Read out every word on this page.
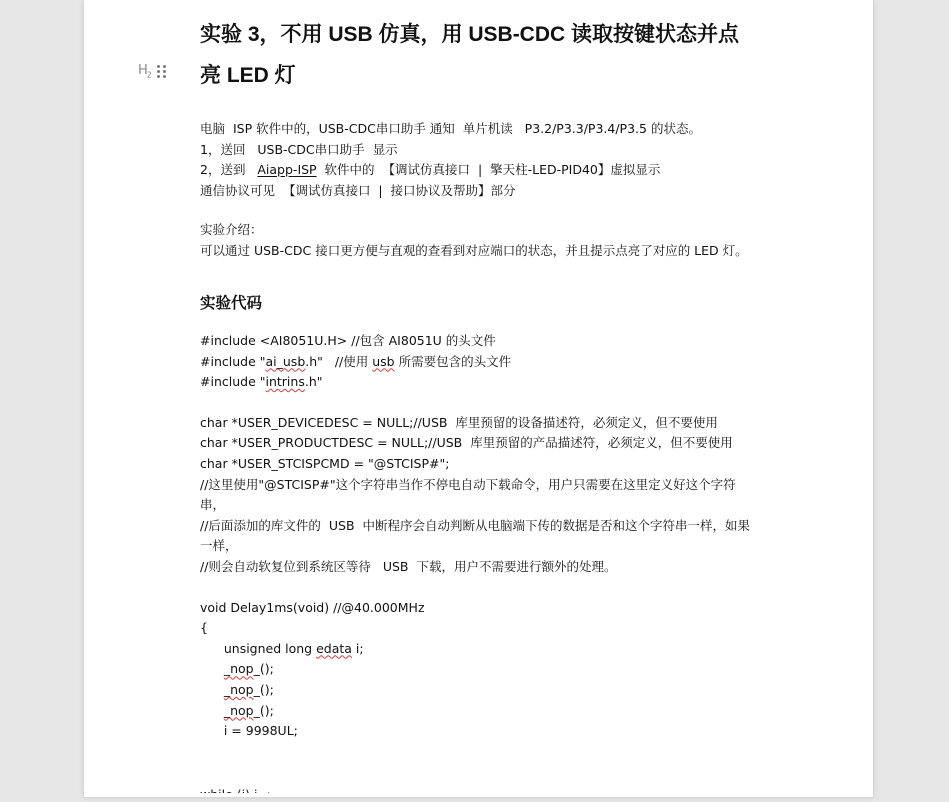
$H_2$
实验 3，不用 USB 仿真，用 USB-CDC 读取按键状态并点
亮 LED 灯

电脑  ISP 软件中的，USB-CDC串口助手 通知  单片机读   P3.2/P3.3/P3.4/P3.5 的状态。

1，送回   USB-CDC串口助手  显示

2，送到   Aiapp-ISP  软件中的  【调试仿真接口  |  擎天柱-LED-PID40】虚拟显示

通信协议可见  【调试仿真接口  |  接口协议及帮助】部分

实验介绍：

可以通过 USB-CDC 接口更方便与直观的查看到对应端口的状态，并且提示点亮了对应的 LED 灯。

实验代码

#include <AI8051U.H> //包含 AI8051U 的头文件

#include "ai_usb.h"   //使用 usb 所需要包含的头文件

#include "intrins.h"

char *USER_DEVICEDESC = NULL;//USB  库里预留的设备描述符，必须定义，但不要使用

char *USER_PRODUCTDESC = NULL;//USB  库里预留的产品描述符，必须定义，但不要使用

char *USER_STCISPCMD = "@STCISP#";

//这里使用"@STCISP#"这个字符串当作不停电自动下载命令，用户只需要在这里定义好这个字符串，

//后面添加的库文件的  USB  中断程序会自动判断从电脑端下传的数据是否和这个字符串一样，如果一样，

//则会自动软复位到系统区等待   USB  下载，用户不需要进行额外的处理。

void Delay1ms(void) //@40.000MHz

{

unsigned long edata i;

_nop_();

_nop_();

_nop_();

i = 9998UL;
